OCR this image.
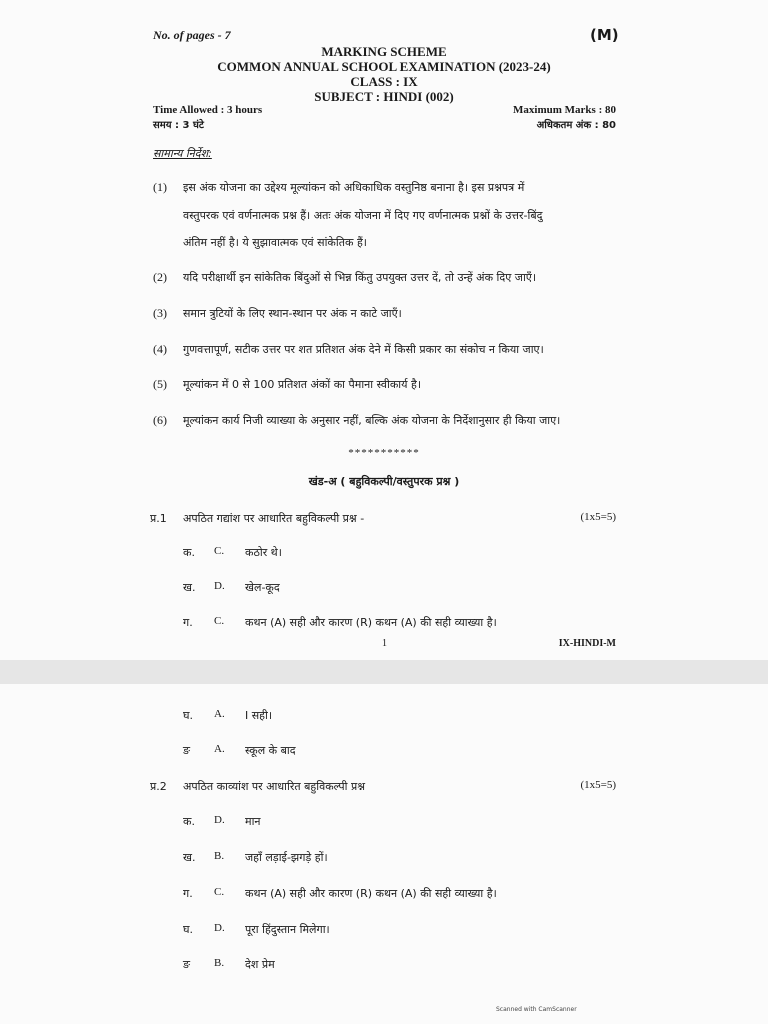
No. of pages - 7	(M)
MARKING SCHEME
COMMON ANNUAL SCHOOL EXAMINATION (2023-24)
CLASS : IX
SUBJECT : HINDI (002)
Time Allowed : 3 hours
समय : 3 घंटे
Maximum Marks : 80
अधिकतम अंक : 80
सामान्य निर्देश:
(1) इस अंक योजना का उद्देश्य मूल्यांकन को अधिकाधिक वस्तुनिष्ठ बनाना है। इस प्रश्नपत्र में
वस्तुपरक एवं वर्णनात्मक प्रश्न हैं। अतः अंक योजना में दिए गए वर्णनात्मक प्रश्नों के उत्तर-बिंदु
अंतिम नहीं है। ये सुझावात्मक एवं सांकेतिक हैं।
(2) यदि परीक्षार्थी इन सांकेतिक बिंदुओं से भिन्न किंतु उपयुक्त उत्तर दें, तो उन्हें अंक दिए जाएँ।
(3) समान त्रुटियों के लिए स्थान-स्थान पर अंक न काटे जाएँ।
(4) गुणवत्तापूर्ण, सटीक उत्तर पर शत प्रतिशत अंक देने में किसी प्रकार का संकोच न किया जाए।
(5) मूल्यांकन में 0 से 100 प्रतिशत अंकों का पैमाना स्वीकार्य है।
(6) मूल्यांकन कार्य निजी व्याख्या के अनुसार नहीं, बल्कि अंक योजना के निर्देशानुसार ही किया जाए।
***********
खंड-अ ( बहुविकल्पी/वस्तुपरक प्रश्न )
प्र.1 अपठित गद्यांश पर आधारित बहुविकल्पी प्रश्न -	(1x5=5)
क. C. कठोर थे।
ख. D. खेल-कूद
ग. C. कथन (A) सही और कारण (R) कथन (A) की सही व्याख्या है।
1	IX-HINDI-M
घ. A. I सही।
ङ A. स्कूल के बाद
प्र.2 अपठित काव्यांश पर आधारित बहुविकल्पी प्रश्न	(1x5=5)
क. D. मान
ख. B. जहाँ लड़ाई-झगड़े हों।
ग. C. कथन (A) सही और कारण (R) कथन (A) की सही व्याख्या है।
घ. D. पूरा हिंदुस्तान मिलेगा।
ङ B. देश प्रेम
Scanned with CamScanner
